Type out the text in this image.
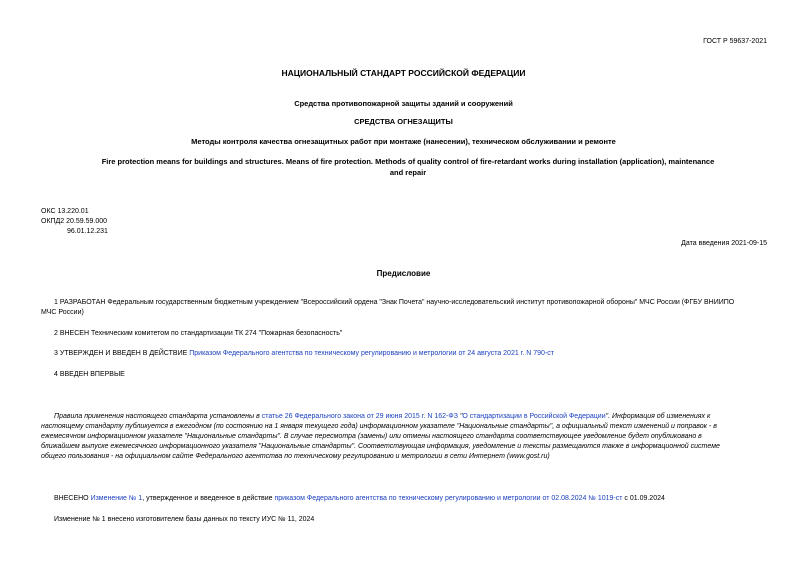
ГОСТ Р 59637-2021
НАЦИОНАЛЬНЫЙ СТАНДАРТ РОССИЙСКОЙ ФЕДЕРАЦИИ
Средства противопожарной защиты зданий и сооружений
СРЕДСТВА ОГНЕЗАЩИТЫ
Методы контроля качества огнезащитных работ при монтаже (нанесении), техническом обслуживании и ремонте
Fire protection means for buildings and structures. Means of fire protection. Methods of quality control of fire-retardant works during installation (application), maintenance
and repair
ОКС 13.220.01
ОКПД2 20.59.59.000
96.01.12.231
Дата введения 2021-09-15
Предисловие
1 РАЗРАБОТАН Федеральным государственным бюджетным учреждением "Всероссийский ордена "Знак Почета" научно-исследовательский институт противопожарной обороны" МЧС России (ФГБУ ВНИИПО
МЧС России)
2 ВНЕСЕН Техническим комитетом по стандартизации ТК 274 "Пожарная безопасность"
3 УТВЕРЖДЕН И ВВЕДЕН В ДЕЙСТВИЕ Приказом Федерального агентства по техническому регулированию и метрологии от 24 августа 2021 г. N 790-ст
4 ВВЕДЕН ВПЕРВЫЕ
Правила применения настоящего стандарта установлены в статье 26 Федерального закона от 29 июня 2015 г. N 162-ФЗ "О стандартизации в Российской Федерации". Информация об изменениях к
настоящему стандарту публикуется в ежегодном (по состоянию на 1 января текущего года) информационном указателе "Национальные стандарты", а официальный текст изменений и поправок - в
ежемесячном информационном указателе "Национальные стандарты". В случае пересмотра (замены) или отмены настоящего стандарта соответствующее уведомление будет опубликовано в
ближайшем выпуске ежемесячного информационного указателя "Национальные стандарты". Соответствующая информация, уведомление и тексты размещаются также в информационной системе
общего пользования - на официальном сайте Федерального агентства по техническому регулированию и метрологии в сети Интернет (www.gost.ru)
ВНЕСЕНО Изменение № 1, утвержденное и введенное в действие приказом Федерального агентства по техническому регулированию и метрологии от 02.08.2024 № 1019-ст с 01.09.2024
Изменение № 1 внесено изготовителем базы данных по тексту ИУС № 11, 2024
